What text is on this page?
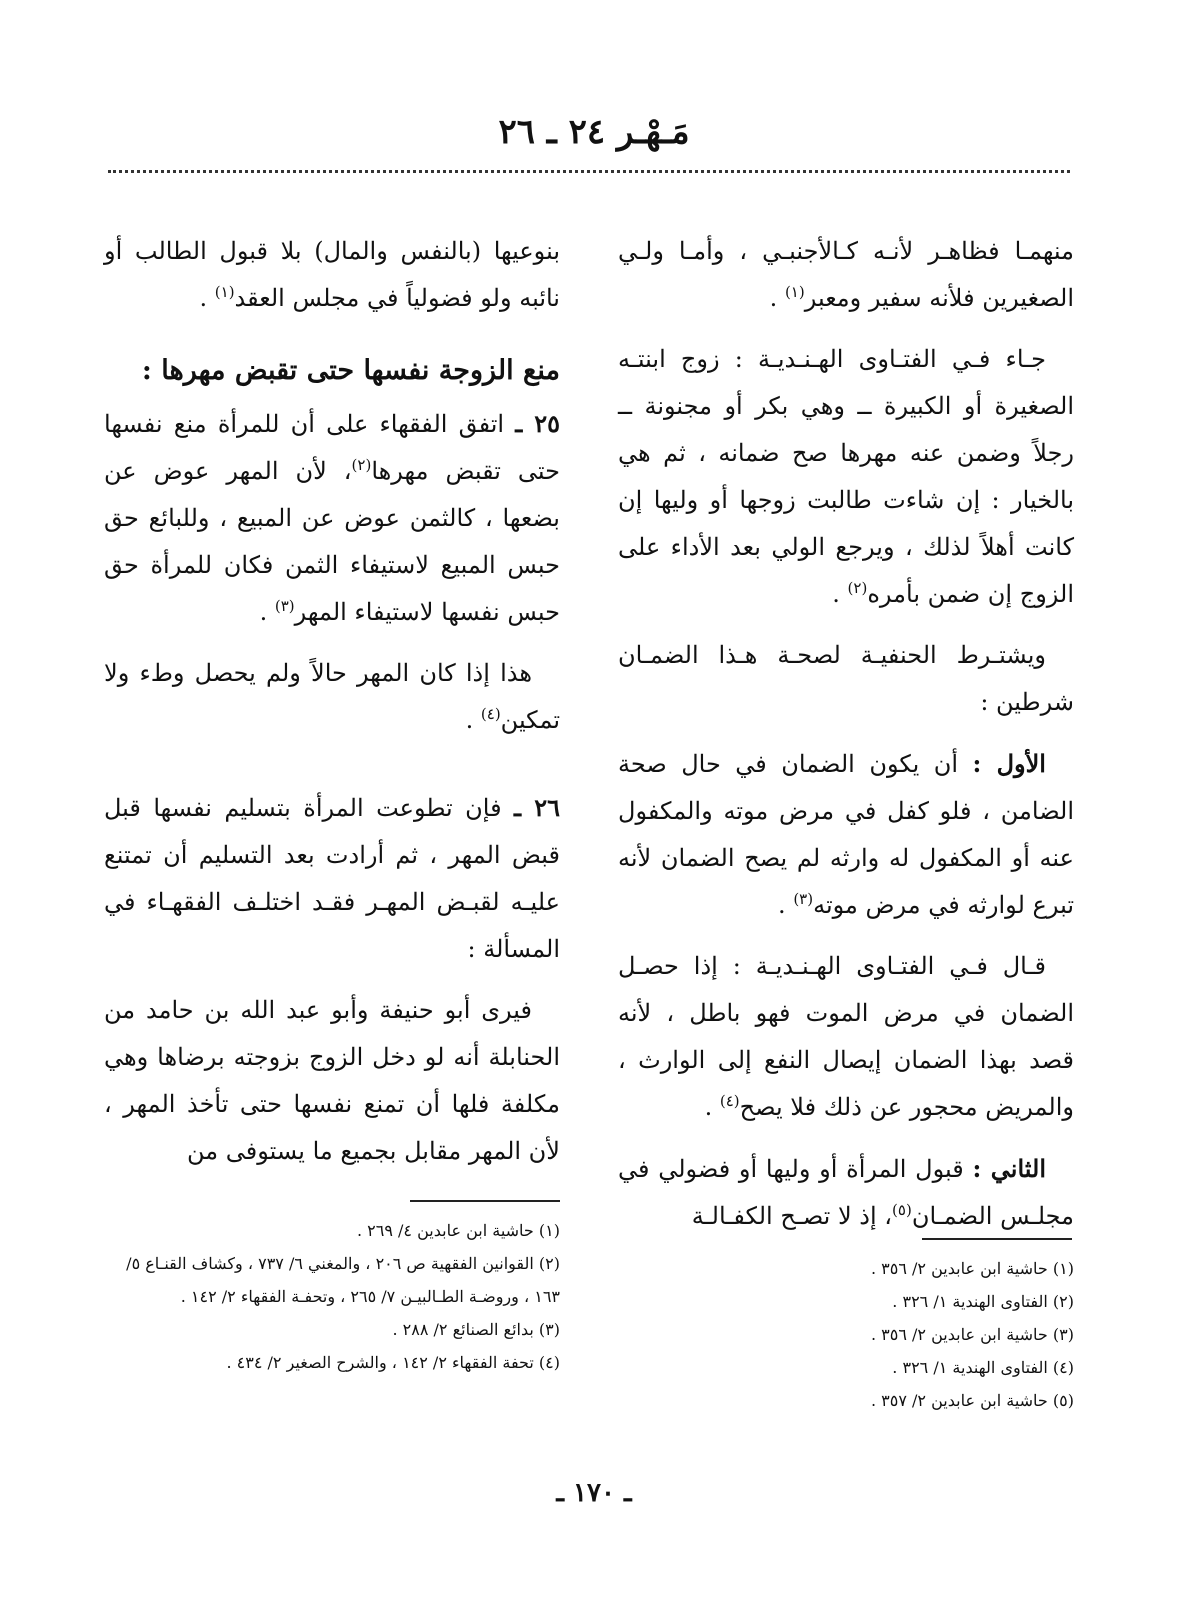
مَـهْـر ٢٤ ـ ٢٦

منهمـا فظاهـر لأنـه كـالأجنبـي ، وأمـا ولـي الصغيرين فلأنه سفير ومعبر$^{(١)}$ .

جـاء فـي الفتـاوى الهـنـديـة : زوج ابنتـه الصغيرة أو الكبيرة ــ وهي بكر أو مجنونة ــ رجلاً وضمن عنه مهرها صح ضمانه ، ثم هي بالخيار : إن شاءت طالبت زوجها أو وليها إن كانت أهلاً لذلك ، ويرجع الولي بعد الأداء على الزوج إن ضمن بأمره$^{(٢)}$ .

ويشتـرط الحنفيـة لصحـة هـذا الضمـان شرطين :

الأول : أن يكون الضمان في حال صحة الضامن ، فلو كفل في مرض موته والمكفول عنه أو المكفول له وارثه لم يصح الضمان لأنه تبرع لوارثه في مرض موته$^{(٣)}$ .

قـال فـي الفتـاوى الهـنـديـة : إذا حصـل الضمان في مرض الموت فهو باطل ، لأنه قصد بهذا الضمان إيصال النفع إلى الوارث ، والمريض محجور عن ذلك فلا يصح$^{(٤)}$ .

الثاني : قبول المرأة أو وليها أو فضولي في مجلـس الضمـان$^{(٥)}$، إذ لا تصـح الكفـالـة

(١) حاشية ابن عابدين ٢/ ٣٥٦ .
(٢) الفتاوى الهندية ١/ ٣٢٦ .
(٣) حاشية ابن عابدين ٢/ ٣٥٦ .
(٤) الفتاوى الهندية ١/ ٣٢٦ .
(٥) حاشية ابن عابدين ٢/ ٣٥٧ .

بنوعيها (بالنفس والمال) بلا قبول الطالب أو نائبه ولو فضولياً في مجلس العقد$^{(١)}$ .

منع الزوجة نفسها حتى تقبض مهرها :

٢٥ ـ اتفق الفقهاء على أن للمرأة منع نفسها حتى تقبض مهرها$^{(٢)}$، لأن المهر عوض عن بضعها ، كالثمن عوض عن المبيع ، وللبائع حق حبس المبيع لاستيفاء الثمن فكان للمرأة حق حبس نفسها لاستيفاء المهر$^{(٣)}$ .

هذا إذا كان المهر حالاً ولم يحصل وطء ولا تمكين$^{(٤)}$ .

٢٦ ـ فإن تطوعت المرأة بتسليم نفسها قبل قبض المهر ، ثم أرادت بعد التسليم أن تمتنع عليـه لقبـض المهـر فقـد اختلـف الفقهـاء في المسألة :

فيرى أبو حنيفة وأبو عبد الله بن حامد من الحنابلة أنه لو دخل الزوج بزوجته برضاها وهي مكلفة فلها أن تمنع نفسها حتى تأخذ المهر ، لأن المهر مقابل بجميع ما يستوفى من

(١) حاشية ابن عابدين ٤/ ٢٦٩ .
(٢) القوانين الفقهية ص ٢٠٦ ، والمغني ٦/ ٧٣٧ ، وكشاف القنـاع ٥/ ١٦٣ ، وروضـة الطـالبيـن ٧/ ٢٦٥ ، وتحفـة الفقهاء ٢/ ١٤٢ .
(٣) بدائع الصنائع ٢/ ٢٨٨ .
(٤) تحفة الفقهاء ٢/ ١٤٢ ، والشرح الصغير ٢/ ٤٣٤ .
ـ ١٧٠ ـ
